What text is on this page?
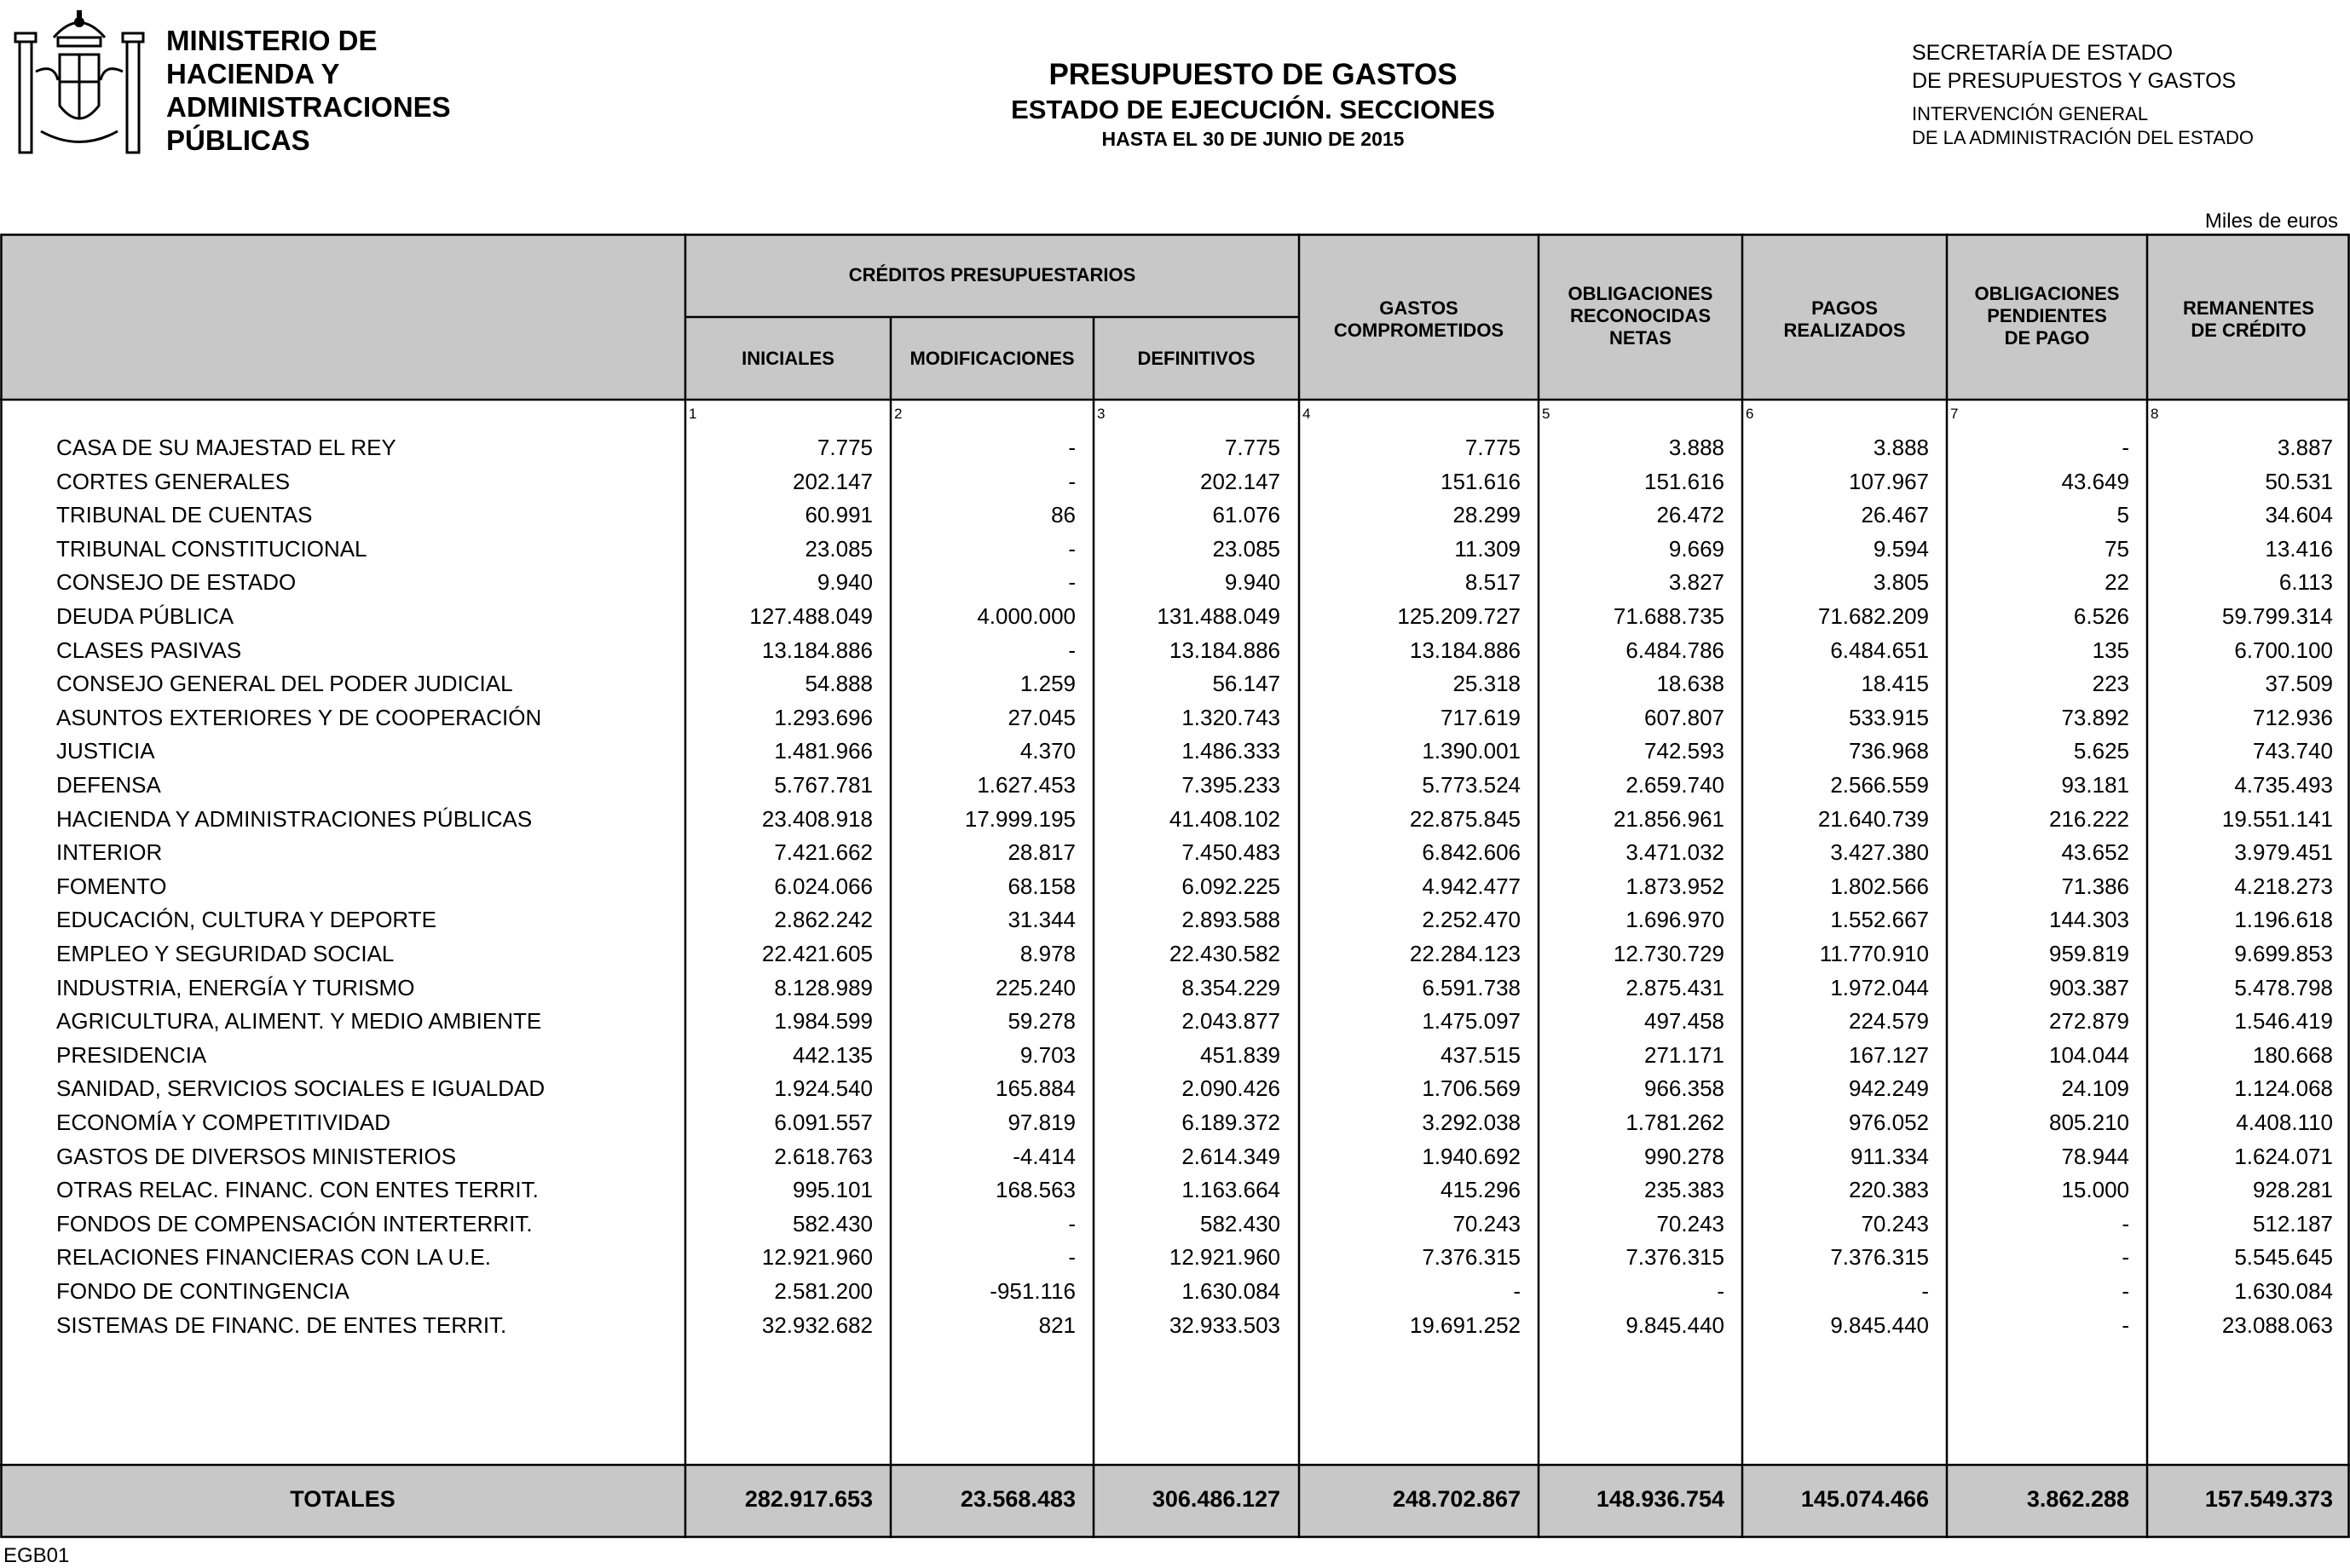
MINISTERIO DE
HACIENDA Y
ADMINISTRACIONES
PÚBLICAS
PRESUPUESTO DE GASTOS
ESTADO DE EJECUCIÓN. SECCIONES
HASTA EL 30 DE JUNIO DE 2015
SECRETARÍA DE ESTADO
DE PRESUPUESTOS Y GASTOS
INTERVENCIÓN GENERAL
DE LA ADMINISTRACIÓN DEL ESTADO
Miles de euros
CRÉDITOS PRESUPUESTARIOS
INICIALES	MODIFICACIONES	DEFINITIVOS
GASTOS
COMPROMETIDOS
OBLIGACIONES
RECONOCIDAS
NETAS
PAGOS
REALIZADOS
OBLIGACIONES
PENDIENTES
DE PAGO
REMANENTES
DE CRÉDITO
1	2	3	4	5	6	7	8
CASA DE SU MAJESTAD EL REY	7.775	-	7.775	7.775	3.888	3.888	-	3.887
CORTES GENERALES	202.147	-	202.147	151.616	151.616	107.967	43.649	50.531
TRIBUNAL DE CUENTAS	60.991	86	61.076	28.299	26.472	26.467	5	34.604
TRIBUNAL CONSTITUCIONAL	23.085	-	23.085	11.309	9.669	9.594	75	13.416
CONSEJO DE ESTADO	9.940	-	9.940	8.517	3.827	3.805	22	6.113
DEUDA PÚBLICA	127.488.049	4.000.000	131.488.049	125.209.727	71.688.735	71.682.209	6.526	59.799.314
CLASES PASIVAS	13.184.886	-	13.184.886	13.184.886	6.484.786	6.484.651	135	6.700.100
CONSEJO GENERAL DEL PODER JUDICIAL	54.888	1.259	56.147	25.318	18.638	18.415	223	37.509
ASUNTOS EXTERIORES Y DE COOPERACIÓN	1.293.696	27.045	1.320.743	717.619	607.807	533.915	73.892	712.936
JUSTICIA	1.481.966	4.370	1.486.333	1.390.001	742.593	736.968	5.625	743.740
DEFENSA	5.767.781	1.627.453	7.395.233	5.773.524	2.659.740	2.566.559	93.181	4.735.493
HACIENDA Y ADMINISTRACIONES PÚBLICAS	23.408.918	17.999.195	41.408.102	22.875.845	21.856.961	21.640.739	216.222	19.551.141
INTERIOR	7.421.662	28.817	7.450.483	6.842.606	3.471.032	3.427.380	43.652	3.979.451
FOMENTO	6.024.066	68.158	6.092.225	4.942.477	1.873.952	1.802.566	71.386	4.218.273
EDUCACIÓN, CULTURA Y DEPORTE	2.862.242	31.344	2.893.588	2.252.470	1.696.970	1.552.667	144.303	1.196.618
EMPLEO Y SEGURIDAD SOCIAL	22.421.605	8.978	22.430.582	22.284.123	12.730.729	11.770.910	959.819	9.699.853
INDUSTRIA, ENERGÍA Y TURISMO	8.128.989	225.240	8.354.229	6.591.738	2.875.431	1.972.044	903.387	5.478.798
AGRICULTURA, ALIMENT. Y MEDIO AMBIENTE	1.984.599	59.278	2.043.877	1.475.097	497.458	224.579	272.879	1.546.419
PRESIDENCIA	442.135	9.703	451.839	437.515	271.171	167.127	104.044	180.668
SANIDAD, SERVICIOS SOCIALES E IGUALDAD	1.924.540	165.884	2.090.426	1.706.569	966.358	942.249	24.109	1.124.068
ECONOMÍA Y COMPETITIVIDAD	6.091.557	97.819	6.189.372	3.292.038	1.781.262	976.052	805.210	4.408.110
GASTOS DE DIVERSOS MINISTERIOS	2.618.763	-4.414	2.614.349	1.940.692	990.278	911.334	78.944	1.624.071
OTRAS RELAC. FINANC. CON ENTES TERRIT.	995.101	168.563	1.163.664	415.296	235.383	220.383	15.000	928.281
FONDOS DE COMPENSACIÓN INTERTERRIT.	582.430	-	582.430	70.243	70.243	70.243	-	512.187
RELACIONES FINANCIERAS CON LA U.E.	12.921.960	-	12.921.960	7.376.315	7.376.315	7.376.315	-	5.545.645
FONDO DE CONTINGENCIA	2.581.200	-951.116	1.630.084	-	-	-	-	1.630.084
SISTEMAS DE FINANC. DE ENTES TERRIT.	32.932.682	821	32.933.503	19.691.252	9.845.440	9.845.440	-	23.088.063
TOTALES	282.917.653	23.568.483	306.486.127	248.702.867	148.936.754	145.074.466	3.862.288	157.549.373
EGB01
